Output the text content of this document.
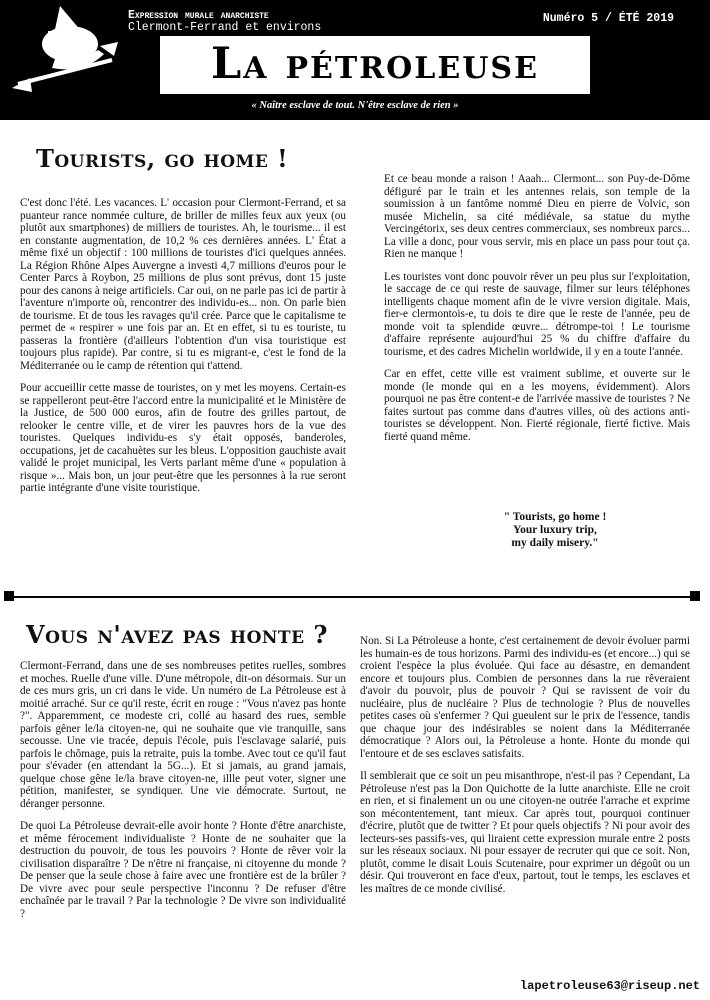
Expression murale anarchiste
Clermont-Ferrand et environs
Numéro 5 / ÉTÉ 2019
La pétroleuse
« Naître esclave de tout. N'être esclave de rien »
Tourists, go home !

C'est donc l'été. Les vacances. L' occasion pour Clermont-Ferrand, et sa puanteur rance nommée culture, de briller de milles feux aux yeux (ou plutôt aux smartphones) de milliers de touristes. Ah, le tourisme... il est en constante augmentation, de 10,2 % ces dernières années. L' État a même fixé un objectif : 100 millions de touristes d'ici quelques années. La Région Rhône Alpes Auvergne a investi 4,7 millions d'euros pour le Center Parcs à Roybon, 25 millions de plus sont prévus, dont 15 juste pour des canons à neige artificiels. Car oui, on ne parle pas ici de partir à l'aventure n'importe où, rencontrer des individu-es... non. On parle bien de tourisme. Et de tous les ravages qu'il crée. Parce que le capitalisme te permet de « respirer » une fois par an. Et en effet, si tu es touriste, tu passeras la frontière (d'ailleurs l'obtention d'un visa touristique est toujours plus rapide). Par contre, si tu es migrant-e, c'est le fond de la Méditerranée ou le camp de rétention qui t'attend.

Pour accueillir cette masse de touristes, on y met les moyens. Certain-es se rappelleront peut-être l'accord entre la municipalité et le Ministère de la Justice, de 500 000 euros, afin de foutre des grilles partout, de relooker le centre ville, et de virer les pauvres hors de la vue des touristes. Quelques individu-es s'y était opposés, banderoles, occupations, jet de cacahuètes sur les bleus. L'opposition gauchiste avait validé le projet municipal, les Verts parlant même d'une « population à risque »... Mais bon, un jour peut-être que les personnes à la rue seront partie intégrante d'une visite touristique.

Et ce beau monde a raison ! Aaah... Clermont... son Puy-de-Dôme défiguré par le train et les antennes relais, son temple de la soumission à un fantôme nommé Dieu en pierre de Volvic, son musée Michelin, sa cité médiévale, sa statue du mythe Vercingétorix, ses deux centres commerciaux, ses nombreux parcs... La ville a donc, pour vous servir, mis en place un pass pour tout ça. Rien ne manque !

Les touristes vont donc pouvoir rêver un peu plus sur l'exploitation, le saccage de ce qui reste de sauvage, filmer sur leurs téléphones intelligents chaque moment afin de le vivre version digitale. Mais, fier-e clermontois-e, tu dois te dire que le reste de l'année, peu de monde voit ta splendide œuvre... détrompe-toi ! Le tourisme d'affaire représente aujourd'hui 25 % du chiffre d'affaire du tourisme, et des cadres Michelin worldwide, il y en a toute l'année.

Car en effet, cette ville est vraiment sublime, et ouverte sur le monde (le monde qui en a les moyens, évidemment). Alors pourquoi ne pas être content-e de l'arrivée massive de touristes ? Ne faites surtout pas comme dans d'autres villes, où des actions anti-touristes se développent. Non. Fierté régionale, fierté fictive. Mais fierté quand même.

" Tourists, go home !
Your luxury trip,
my daily misery."
Vous n'avez pas honte ?

Clermont-Ferrand, dans une de ses nombreuses petites ruelles, sombres et moches. Ruelle d'une ville. D'une métropole, dit-on désormais. Sur un de ces murs gris, un cri dans le vide. Un numéro de La Pétroleuse est à moitié arraché. Sur ce qu'il reste, écrit en rouge : "Vous n'avez pas honte ?". Apparemment, ce modeste cri, collé au hasard des rues, semble parfois gêner le/la citoyen-ne, qui ne souhaite que vie tranquille, sans secousse. Une vie tracée, depuis l'école, puis l'esclavage salarié, puis parfois le chômage, puis la retraite, puis la tombe. Avec tout ce qu'il faut pour s'évader (en attendant la 5G...). Et si jamais, au grand jamais, quelque chose gêne le/la brave citoyen-ne, illle peut voter, signer une pétition, manifester, se syndiquer. Une vie démocrate. Surtout, ne déranger personne.

De quoi La Pétroleuse devrait-elle avoir honte ? Honte d'être anarchiste, et même férocement individualiste ? Honte de ne souhaiter que la destruction du pouvoir, de tous les pouvoirs ? Honte de rêver voir la civilisation disparaître ? De n'être ni française, ni citoyenne du monde ? De penser que la seule chose à faire avec une frontière est de la brûler ? De vivre avec pour seule perspective l'inconnu ? De refuser d'être enchaînée par le travail ? Par la technologie ? De vivre son individualité ?

Non. Si La Pétroleuse a honte, c'est certainement de devoir évoluer parmi les humain-es de tous horizons. Parmi des individu-es (et encore...) qui se croient l'espèce la plus évoluée. Qui face au désastre, en demandent encore et toujours plus. Combien de personnes dans la rue rêveraient d'avoir du pouvoir, plus de pouvoir ? Qui se ravissent de voir du nucléaire, plus de nucléaire ? Plus de technologie ? Plus de nouvelles petites cases où s'enfermer ? Qui gueulent sur le prix de l'essence, tandis que chaque jour des indésirables se noient dans la Méditerranée démocratique ? Alors oui, la Pétroleuse a honte. Honte du monde qui l'entoure et de ses esclaves satisfaits.

Il semblerait que ce soit un peu misanthrope, n'est-il pas ? Cependant, La Pétroleuse n'est pas la Don Quichotte de la lutte anarchiste. Elle ne croit en rien, et si finalement un ou une citoyen-ne outrée l'arrache et exprime son mécontentement, tant mieux. Car après tout, pourquoi continuer d'écrire, plutôt que de twitter ? Et pour quels objectifs ? Ni pour avoir des lecteurs-ses passifs-ves, qui liraient cette expression murale entre 2 posts sur les réseaux sociaux. Ni pour essayer de recruter qui que ce soit. Non, plutôt, comme le disait Louis Scutenaire, pour exprimer un dégoût ou un désir. Qui trouveront en face d'eux, partout, tout le temps, les esclaves et les maîtres de ce monde civilisé.

lapetroleuse63@riseup.net
